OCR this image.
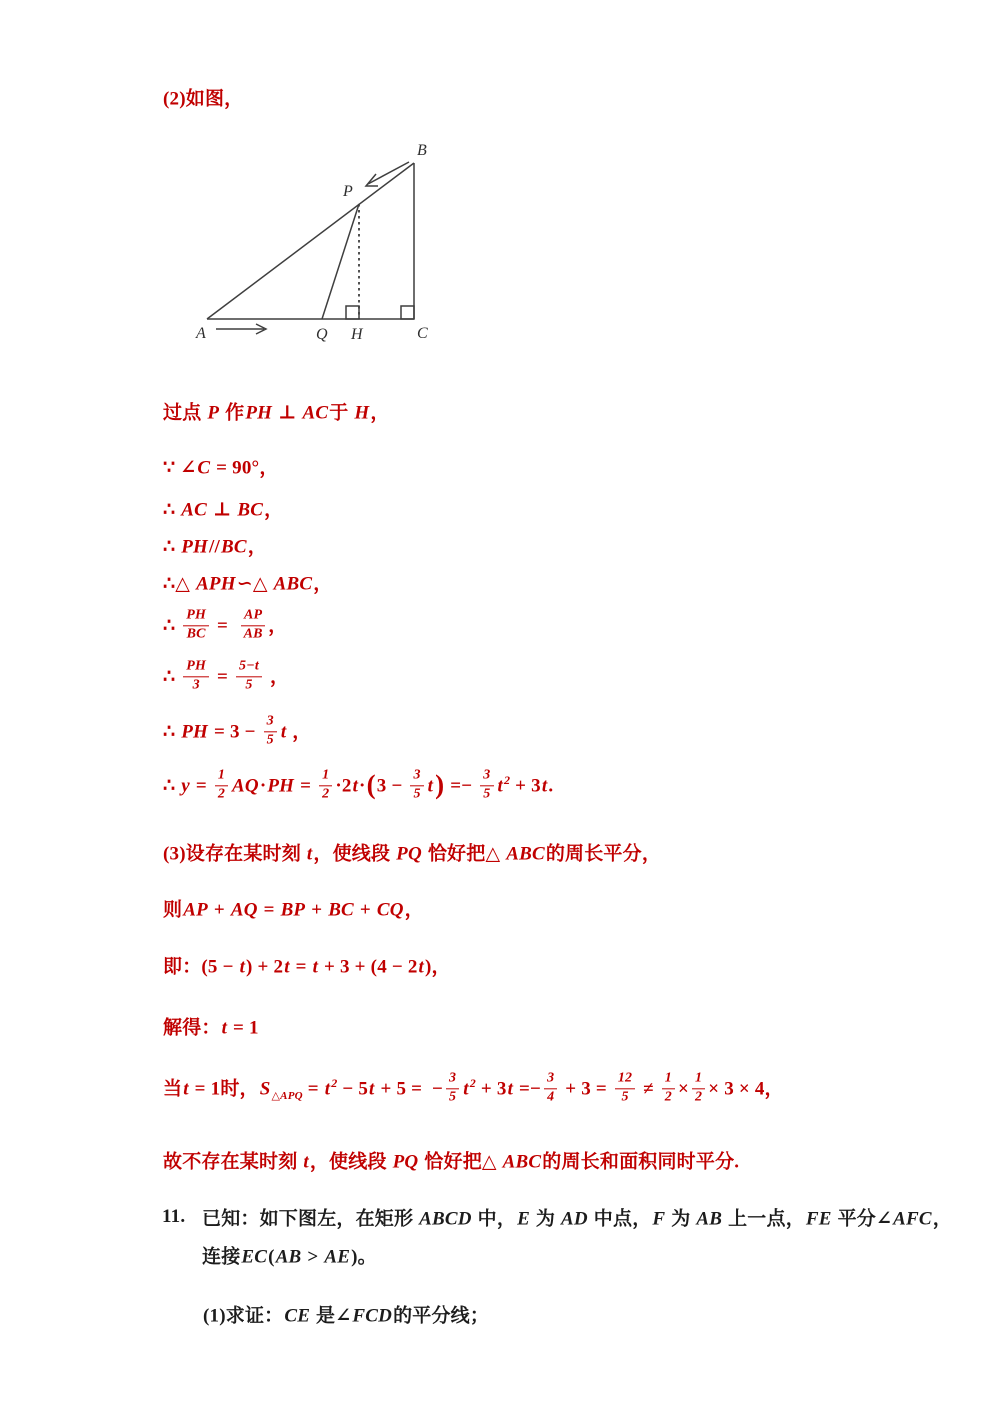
(2)如图，
A
B
C
P
Q H
过点 P 作PH ⊥ AC于 H，
∵ ∠C = 90°，
∴ AC ⊥ BC，
∴ PH//BC，
∴△ APH∽△ ABC，
∴ $\frac{PH}{BC} = \frac{AP}{AB}$ ，
∴ $\frac{PH}{3} = \frac{5-t}{5}$ ，
∴ PH = $3 - \frac{3}{5}$ t ，
∴ $y = \frac{1}{2} AQ\cdot PH = \frac{1}{2} \cdot 2t\cdot(3 - \frac{3}{5} t) =- \frac{3}{5} t^2 + 3t$.
(3)设存在某时刻 t，使线段 PQ 恰好把△ ABC的周长平分，
则AP + AQ = BP + BC + CQ，
即：(5 − t) + 2t = t + 3 + (4 − 2t)，
解得：t = 1
当t = 1时，$S_{\triangle APQ} = t^2 - 5t + 5$ =  − $\frac{3}{5} t^2 + 3t =- \frac{3}{4} + 3 = \frac{12}{5} \ne \frac{1}{2} \times \frac{1}{2} \times 3 \times 4$，
故不存在某时刻 t，使线段 PQ 恰好把△ ABC的周长和面积同时平分.
11. 已知：如下图左，在矩形 ABCD 中，E 为 AD 中点，F 为 AB 上一点，FE 平分∠AFC，
连接EC(AB > AE)。
(1)求证：CE 是∠FCD的平分线；
